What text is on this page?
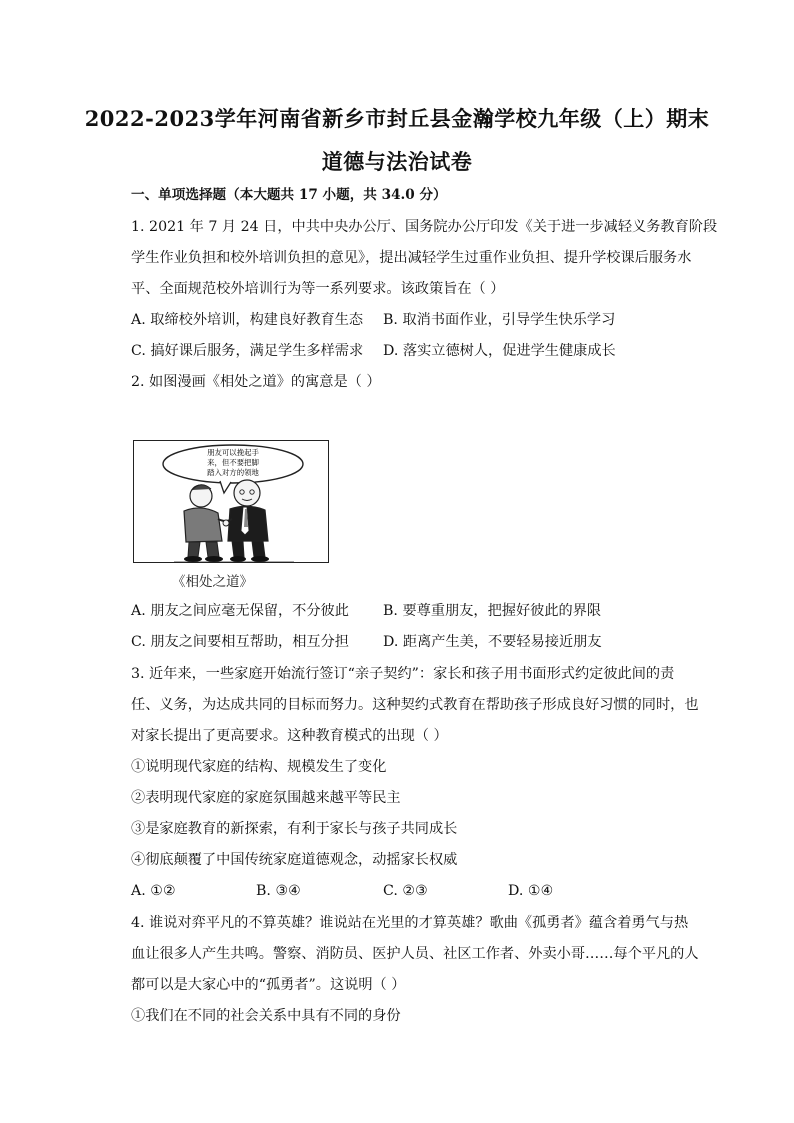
2022-2023学年河南省新乡市封丘县金瀚学校九年级（上）期末
道德与法治试卷
一、单项选择题（本大题共 17 小题，共 34.0 分）
1. 2021 年 7 月 24 日，中共中央办公厅、国务院办公厅印发《关于进一步减轻义务教育阶段
学生作业负担和校外培训负担的意见》，提出减轻学生过重作业负担、提升学校课后服务水
平、全面规范校外培训行为等一系列要求。该政策旨在（ ）
A. 取缔校外培训，构建良好教育生态 B. 取消书面作业，引导学生快乐学习
C. 搞好课后服务，满足学生多样需求 D. 落实立德树人，促进学生健康成长
2. 如图漫画《相处之道》的寓意是（ ）
朋友可以挽起手
来，但不要把脚
踏入对方的领地
《相处之道》
A. 朋友之间应毫无保留，不分彼此 B. 要尊重朋友，把握好彼此的界限
C. 朋友之间要相互帮助，相互分担 D. 距离产生美，不要轻易接近朋友
3. 近年来，一些家庭开始流行签订“亲子契约”：家长和孩子用书面形式约定彼此间的责
任、义务，为达成共同的目标而努力。这种契约式教育在帮助孩子形成良好习惯的同时，也
对家长提出了更高要求。这种教育模式的出现（ ）
①说明现代家庭的结构、规模发生了变化
②表明现代家庭的家庭氛围越来越平等民主
③是家庭教育的新探索，有利于家长与孩子共同成长
④彻底颠覆了中国传统家庭道德观念，动摇家长权威
A. ①②	B. ③④	C. ②③	D. ①④
4. 谁说对弈平凡的不算英雄？谁说站在光里的才算英雄？歌曲《孤勇者》蕴含着勇气与热
血让很多人产生共鸣。警察、消防员、医护人员、社区工作者、外卖小哥……每个平凡的人
都可以是大家心中的“孤勇者”。这说明（ ）
①我们在不同的社会关系中具有不同的身份
